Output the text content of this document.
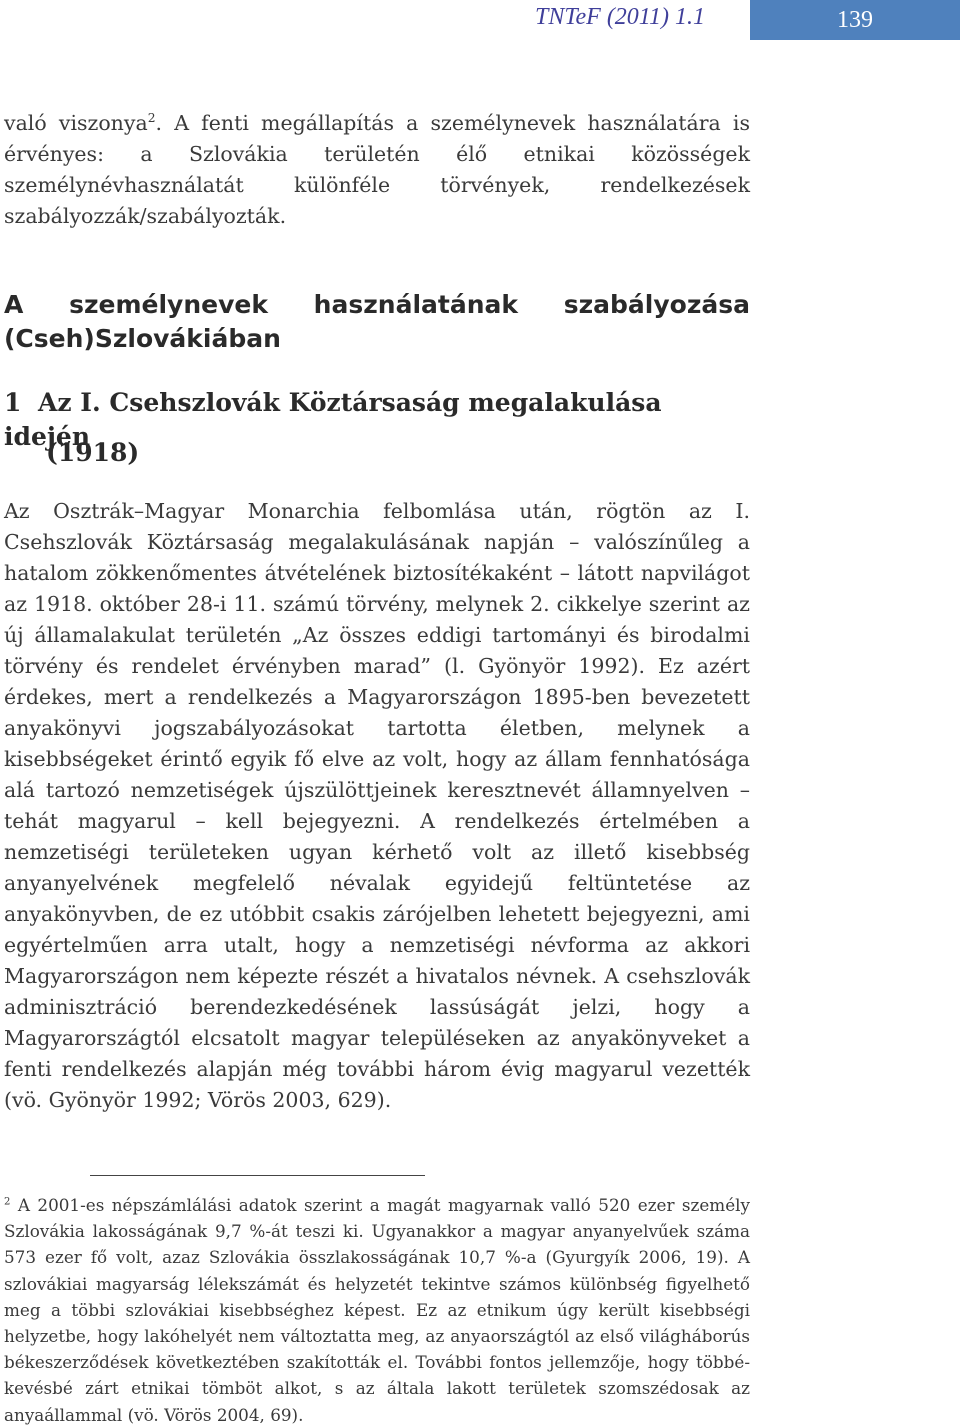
TNTeF (2011) 1.1	139
való viszonya$^2$. A fenti megállapítás a személynevek használatára is érvényes: a Szlovákia területén élő etnikai közösségek személynévhasználatát különféle törvények, rendelkezések szabályozzák/szabályozták.
A személynevek használatának szabályozása (Cseh)Szlovákiában
1 Az I. Csehszlovák Köztársaság megalakulása idején
(1918)
Az Osztrák–Magyar Monarchia felbomlása után, rögtön az I. Csehszlovák Köztársaság megalakulásának napján – valószínűleg a hatalom zökkenőmentes átvételének biztosítékaként – látott napvilágot az 1918. október 28-i 11. számú törvény, melynek 2. cikkelye szerint az új államalakulat területén „Az összes eddigi tartományi és birodalmi törvény és rendelet érvényben marad” (l. Gyönyör 1992). Ez azért érdekes, mert a rendelkezés a Magyarországon 1895-ben bevezetett anyakönyvi jogszabályozásokat tartotta életben, melynek a kisebbségeket érintő egyik fő elve az volt, hogy az állam fennhatósága alá tartozó nemzetiségek újszülöttjeinek keresztnevét államnyelven – tehát magyarul – kell bejegyezni. A rendelkezés értelmében a nemzetiségi területeken ugyan kérhető volt az illető kisebbség anyanyelvének megfelelő névalak egyidejű feltüntetése az anyakönyvben, de ez utóbbit csakis zárójelben lehetett bejegyezni, ami egyértelműen arra utalt, hogy a nemzetiségi névforma az akkori Magyarországon nem képezte részét a hivatalos névnek. A csehszlovák adminisztráció berendezkedésének lassúságát jelzi, hogy a Magyarországtól elcsatolt magyar településeken az anyakönyveket a fenti rendelkezés alapján még további három évig magyarul vezették (vö. Gyönyör 1992; Vörös 2003, 629).
$^2$ A 2001-es népszámlálási adatok szerint a magát magyarnak valló 520 ezer személy Szlovákia lakosságának 9,7 %-át teszi ki. Ugyanakkor a magyar anyanyelvűek száma 573 ezer fő volt, azaz Szlovákia összlakosságának 10,7 %-a (Gyurgyík 2006, 19). A szlovákiai magyarság lélekszámát és helyzetét tekintve számos különbség figyelhető meg a többi szlovákiai kisebbséghez képest. Ez az etnikum úgy került kisebbségi helyzetbe, hogy lakóhelyét nem változtatta meg, az anyaországtól az első világháborús békeszerződések következtében szakították el. További fontos jellemzője, hogy többé-kevésbé zárt etnikai tömböt alkot, s az általa lakott területek szomszédosak az anyaállammal (vö. Vörös 2004, 69).
